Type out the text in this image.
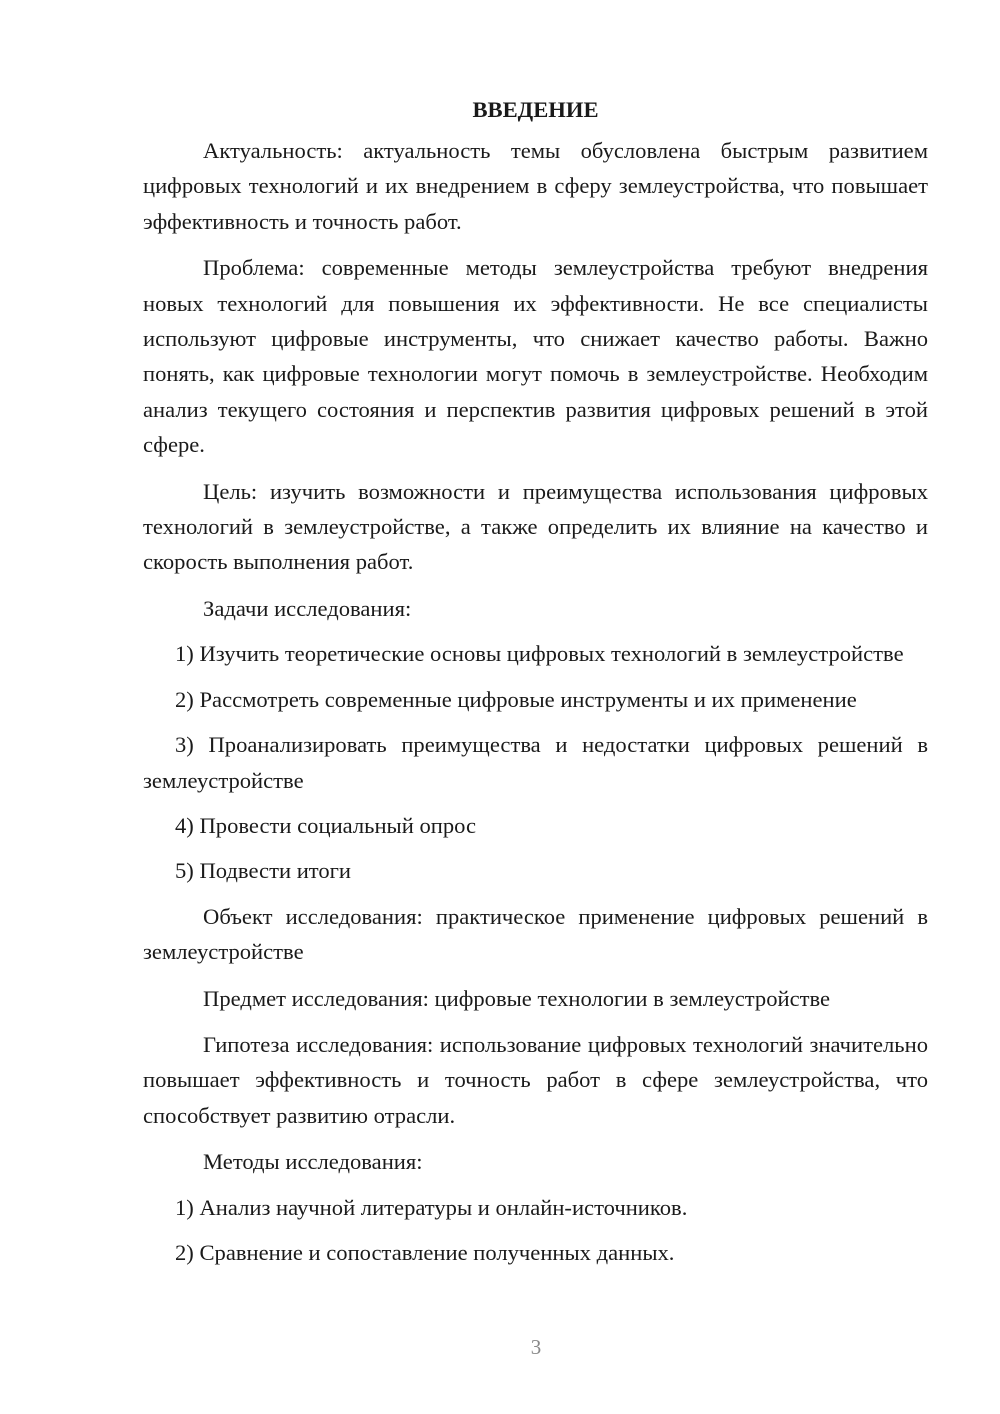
ВВЕДЕНИЕ

Актуальность: актуальность темы обусловлена быстрым развитием цифровых технологий и их внедрением в сферу землеустройства, что повышает эффективность и точность работ.

Проблема: современные методы землеустройства требуют внедрения новых технологий для повышения их эффективности. Не все специалисты используют цифровые инструменты, что снижает качество работы. Важно понять, как цифровые технологии могут помочь в землеустройстве. Необходим анализ текущего состояния и перспектив развития цифровых решений в этой сфере.

Цель: изучить возможности и преимущества использования цифровых технологий в землеустройстве, а также определить их влияние на качество и скорость выполнения работ.

Задачи исследования:

1) Изучить теоретические основы цифровых технологий в землеустройстве

2) Рассмотреть современные цифровые инструменты и их применение

3) Проанализировать преимущества и недостатки цифровых решений в землеустройстве

4) Провести социальный опрос

5) Подвести итоги

Объект исследования: практическое применение цифровых решений в землеустройстве

Предмет исследования: цифровые технологии в землеустройстве

Гипотеза исследования: использование цифровых технологий значительно повышает эффективность и точность работ в сфере землеустройства, что способствует развитию отрасли.

Методы исследования:

1) Анализ научной литературы и онлайн-источников.

2) Сравнение и сопоставление полученных данных.

3
